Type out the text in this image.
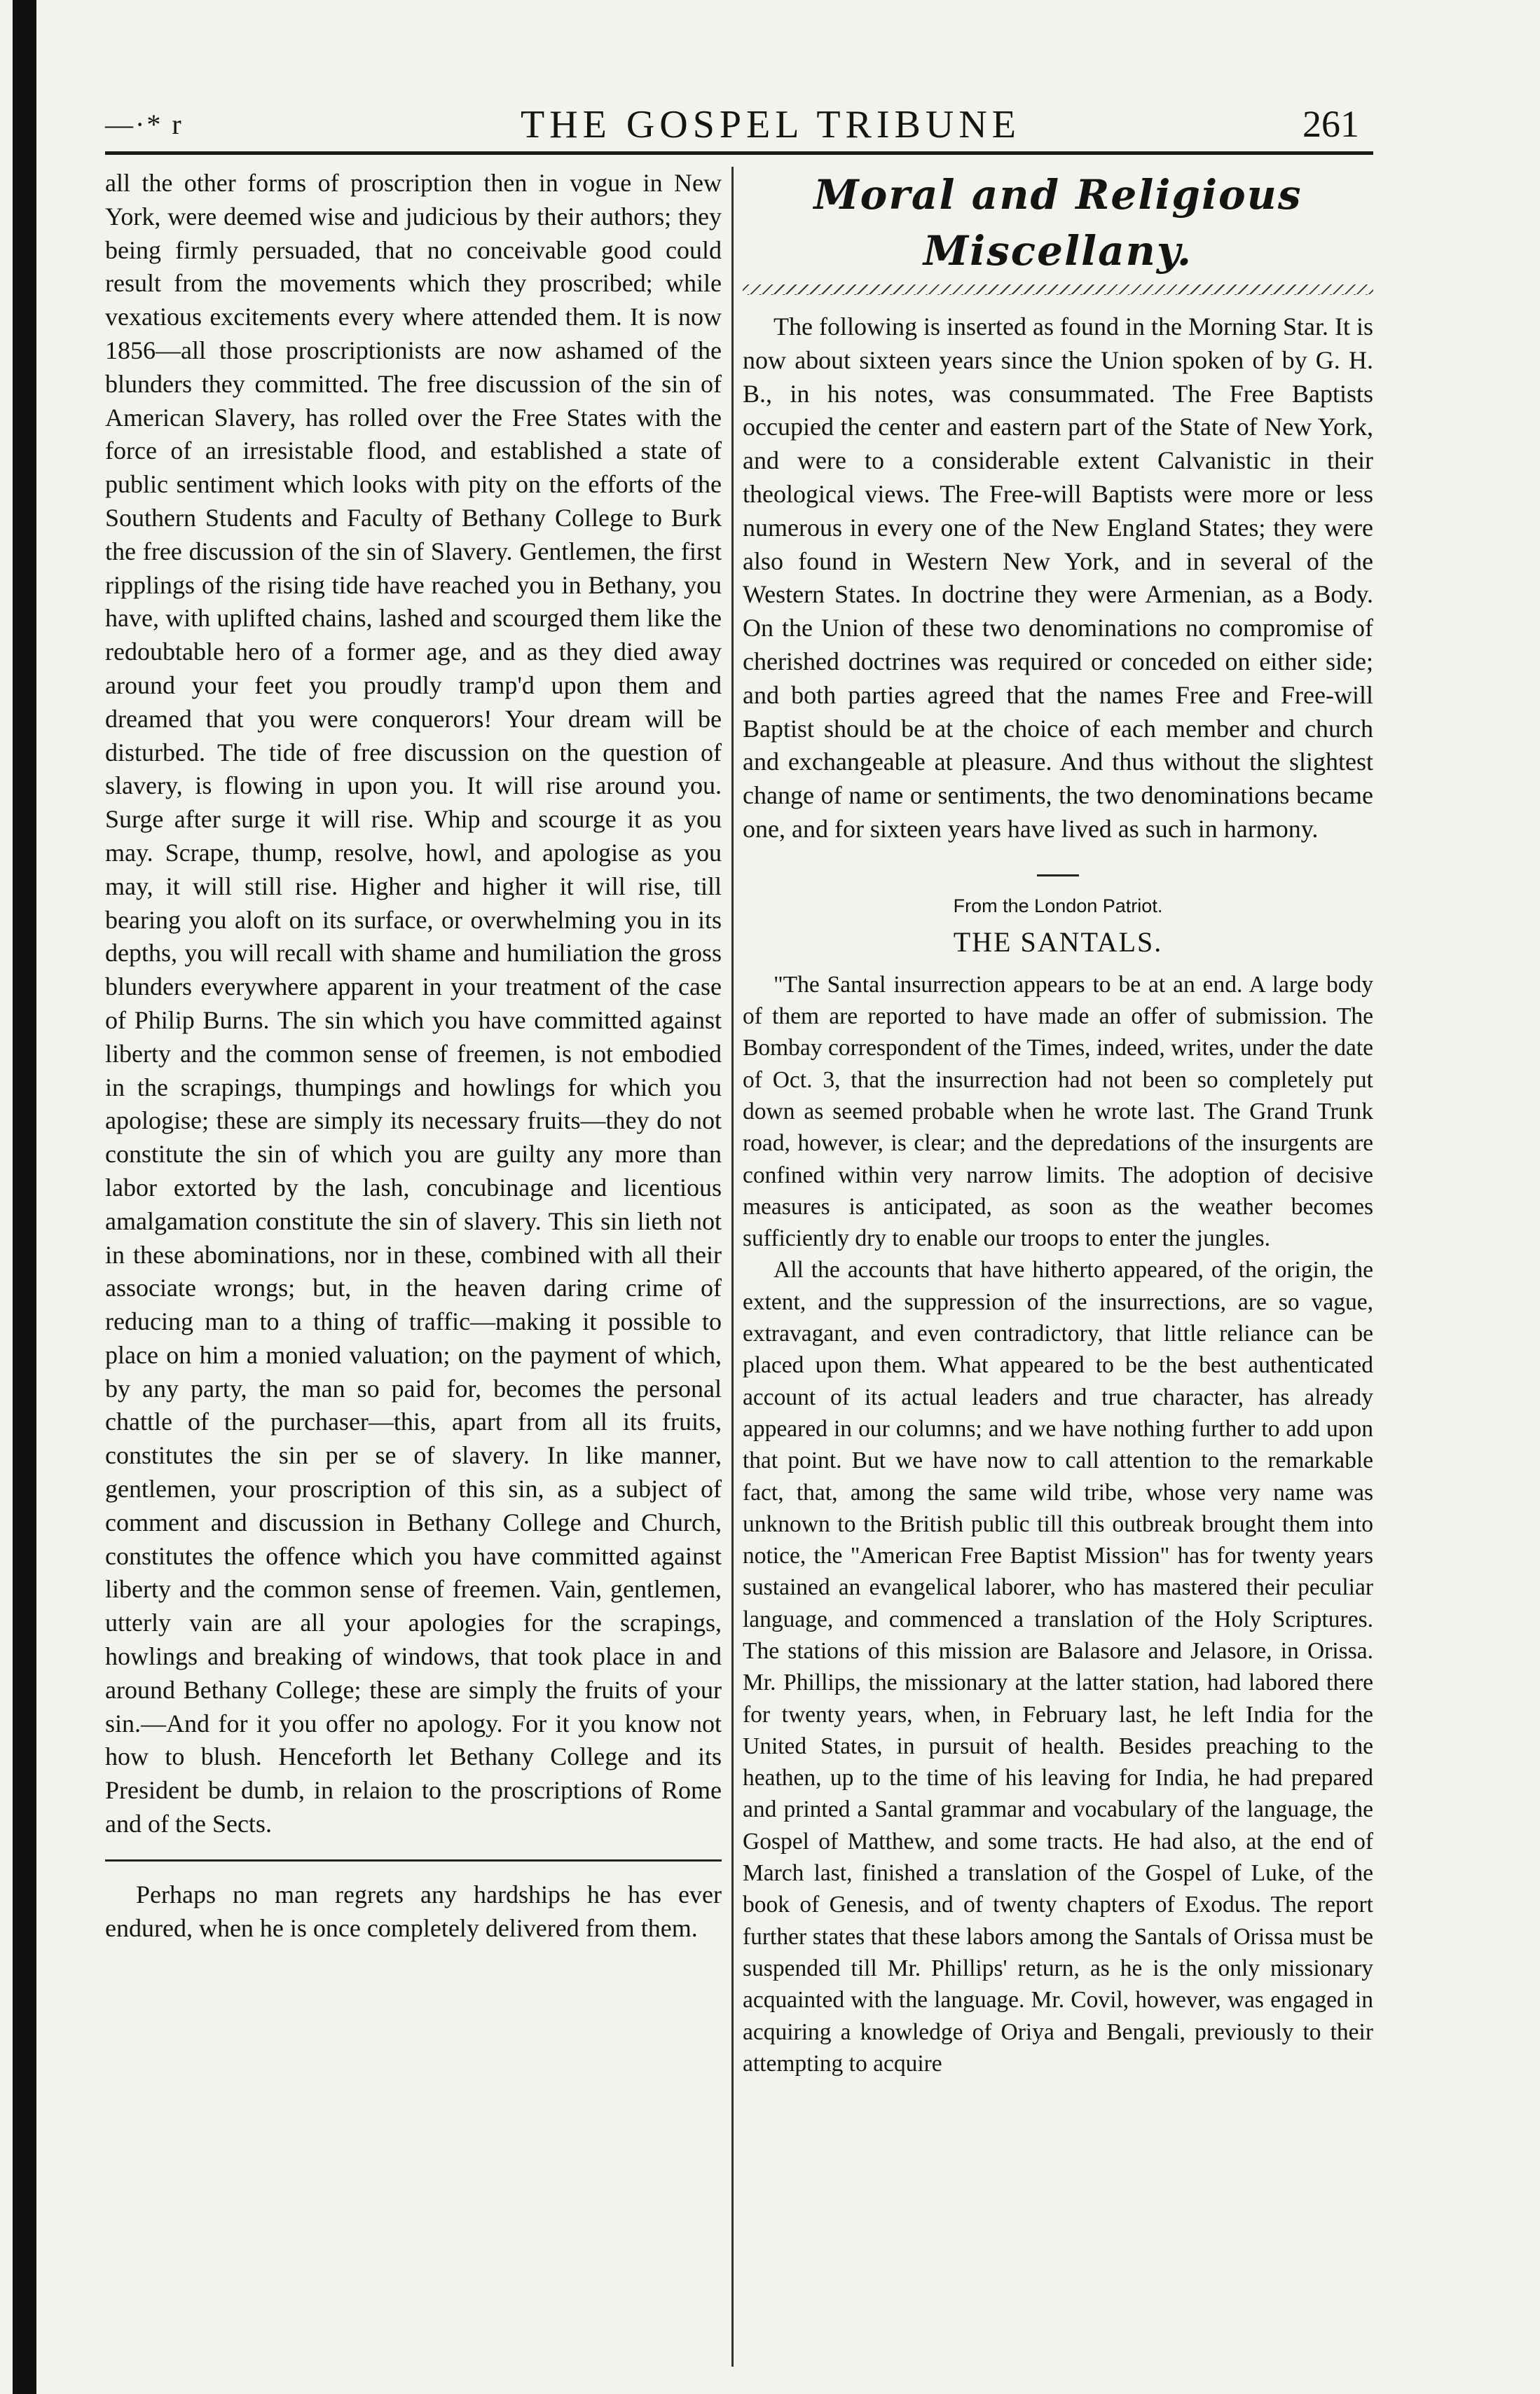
—·* r	THE GOSPEL TRIBUNE	261

all the other forms of proscription then in vogue in New York, were deemed wise and judicious by their authors; they being firmly persuaded, that no conceivable good could result from the movements which they proscribed; while vexatious excitements every where attended them. It is now 1856—all those proscriptionists are now ashamed of the blunders they committed. The free discussion of the sin of American Slavery, has rolled over the Free States with the force of an irresistable flood, and established a state of public sentiment which looks with pity on the efforts of the Southern Students and Faculty of Bethany College to Burk the free discussion of the sin of Slavery. Gentlemen, the first ripplings of the rising tide have reached you in Bethany, you have, with uplifted chains, lashed and scourged them like the redoubtable hero of a former age, and as they died away around your feet you proudly tramp'd upon them and dreamed that you were conquerors! Your dream will be disturbed. The tide of free discussion on the question of slavery, is flowing in upon you. It will rise around you. Surge after surge it will rise. Whip and scourge it as you may. Scrape, thump, resolve, howl, and apologise as you may, it will still rise. Higher and higher it will rise, till bearing you aloft on its surface, or overwhelming you in its depths, you will recall with shame and humiliation the gross blunders everywhere apparent in your treatment of the case of Philip Burns. The sin which you have committed against liberty and the common sense of freemen, is not embodied in the scrapings, thumpings and howlings for which you apologise; these are simply its necessary fruits—they do not constitute the sin of which you are guilty any more than labor extorted by the lash, concubinage and licentious amalgamation constitute the sin of slavery. This sin lieth not in these abominations, nor in these, combined with all their associate wrongs; but, in the heaven daring crime of reducing man to a thing of traffic—making it possible to place on him a monied valuation; on the payment of which, by any party, the man so paid for, becomes the personal chattle of the purchaser—this, apart from all its fruits, constitutes the sin per se of slavery. In like manner, gentlemen, your proscription of this sin, as a subject of comment and discussion in Bethany College and Church, constitutes the offence which you have committed against liberty and the common sense of freemen. Vain, gentlemen, utterly vain are all your apologies for the scrapings, howlings and breaking of windows, that took place in and around Bethany College; these are simply the fruits of your sin.—And for it you offer no apology. For it you know not how to blush. Henceforth let Bethany College and its President be dumb, in relaion to the proscriptions of Rome and of the Sects.

Perhaps no man regrets any hardships he has ever endured, when he is once completely delivered from them.

Moral and Religious Miscellany.

The following is inserted as found in the Morning Star. It is now about sixteen years since the Union spoken of by G. H. B., in his notes, was consummated. The Free Baptists occupied the center and eastern part of the State of New York, and were to a considerable extent Calvanistic in their theological views. The Free-will Baptists were more or less numerous in every one of the New England States; they were also found in Western New York, and in several of the Western States. In doctrine they were Armenian, as a Body. On the Union of these two denominations no compromise of cherished doctrines was required or conceded on either side; and both parties agreed that the names Free and Free-will Baptist should be at the choice of each member and church and exchangeable at pleasure. And thus without the slightest change of name or sentiments, the two denominations became one, and for sixteen years have lived as such in harmony.

From the London Patriot.
THE SANTALS.

"The Santal insurrection appears to be at an end. A large body of them are reported to have made an offer of submission. The Bombay correspondent of the Times, indeed, writes, under the date of Oct. 3, that the insurrection had not been so completely put down as seemed probable when he wrote last. The Grand Trunk road, however, is clear; and the depredations of the insurgents are confined within very narrow limits. The adoption of decisive measures is anticipated, as soon as the weather becomes sufficiently dry to enable our troops to enter the jungles.

All the accounts that have hitherto appeared, of the origin, the extent, and the suppression of the insurrections, are so vague, extravagant, and even contradictory, that little reliance can be placed upon them. What appeared to be the best authenticated account of its actual leaders and true character, has already appeared in our columns; and we have nothing further to add upon that point. But we have now to call attention to the remarkable fact, that, among the same wild tribe, whose very name was unknown to the British public till this outbreak brought them into notice, the "American Free Baptist Mission" has for twenty years sustained an evangelical laborer, who has mastered their peculiar language, and commenced a translation of the Holy Scriptures. The stations of this mission are Balasore and Jelasore, in Orissa. Mr. Phillips, the missionary at the latter station, had labored there for twenty years, when, in February last, he left India for the United States, in pursuit of health. Besides preaching to the heathen, up to the time of his leaving for India, he had prepared and printed a Santal grammar and vocabulary of the language, the Gospel of Matthew, and some tracts. He had also, at the end of March last, finished a translation of the Gospel of Luke, of the book of Genesis, and of twenty chapters of Exodus. The report further states that these labors among the Santals of Orissa must be suspended till Mr. Phillips' return, as he is the only missionary acquainted with the language. Mr. Covil, however, was engaged in acquiring a knowledge of Oriya and Bengali, previously to their attempting to acquire
